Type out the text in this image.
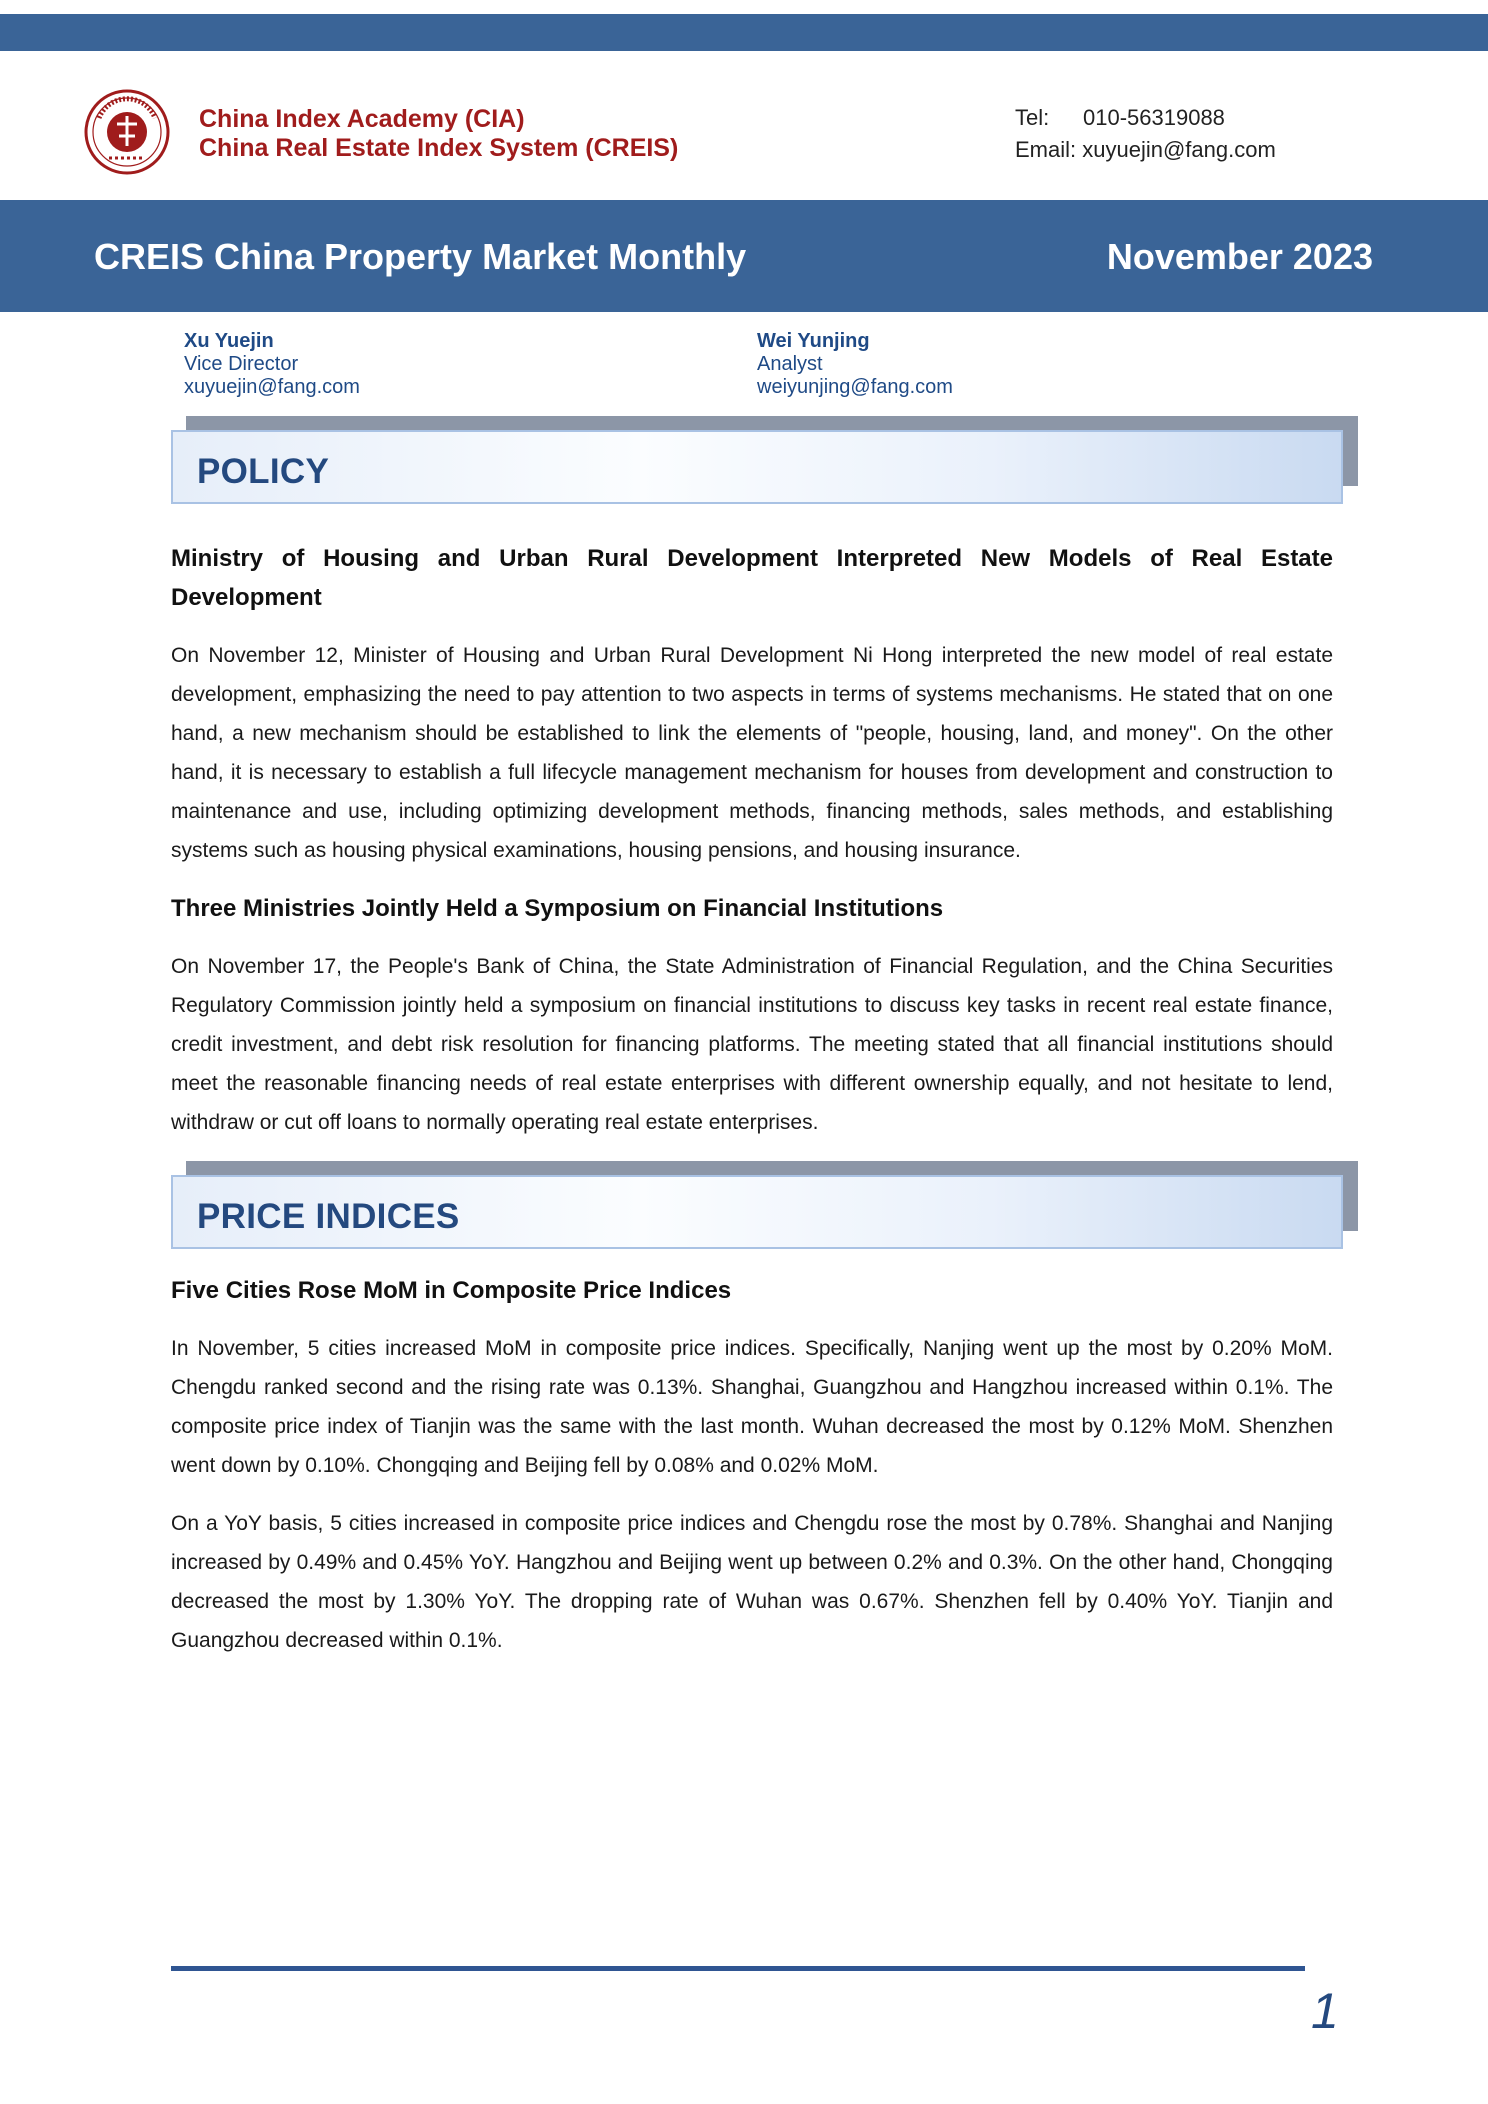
China Index Academy (CIA)
China Real Estate Index System (CREIS)
Tel: 010-56319088
Email: xuyuejin@fang.com
CREIS China Property Market Monthly	November 2023
Xu Yuejin
Vice Director
xuyuejin@fang.com
Wei Yunjing
Analyst
weiyunjing@fang.com
POLICY

Ministry of Housing and Urban Rural Development Interpreted New Models of Real Estate Development

On November 12, Minister of Housing and Urban Rural Development Ni Hong interpreted the new model of real estate development, emphasizing the need to pay attention to two aspects in terms of systems mechanisms. He stated that on one hand, a new mechanism should be established to link the elements of "people, housing, land, and money". On the other hand, it is necessary to establish a full lifecycle management mechanism for houses from development and construction to maintenance and use, including optimizing development methods, financing methods, sales methods, and establishing systems such as housing physical examinations, housing pensions, and housing insurance.

Three Ministries Jointly Held a Symposium on Financial Institutions

On November 17, the People's Bank of China, the State Administration of Financial Regulation, and the China Securities Regulatory Commission jointly held a symposium on financial institutions to discuss key tasks in recent real estate finance, credit investment, and debt risk resolution for financing platforms. The meeting stated that all financial institutions should meet the reasonable financing needs of real estate enterprises with different ownership equally, and not hesitate to lend, withdraw or cut off loans to normally operating real estate enterprises.

PRICE INDICES

Five Cities Rose MoM in Composite Price Indices

In November, 5 cities increased MoM in composite price indices. Specifically, Nanjing went up the most by 0.20% MoM. Chengdu ranked second and the rising rate was 0.13%. Shanghai, Guangzhou and Hangzhou increased within 0.1%. The composite price index of Tianjin was the same with the last month. Wuhan decreased the most by 0.12% MoM. Shenzhen went down by 0.10%. Chongqing and Beijing fell by 0.08% and 0.02% MoM.

On a YoY basis, 5 cities increased in composite price indices and Chengdu rose the most by 0.78%. Shanghai and Nanjing increased by 0.49% and 0.45% YoY. Hangzhou and Beijing went up between 0.2% and 0.3%. On the other hand, Chongqing decreased the most by 1.30% YoY. The dropping rate of Wuhan was 0.67%. Shenzhen fell by 0.40% YoY. Tianjin and Guangzhou decreased within 0.1%.

1
